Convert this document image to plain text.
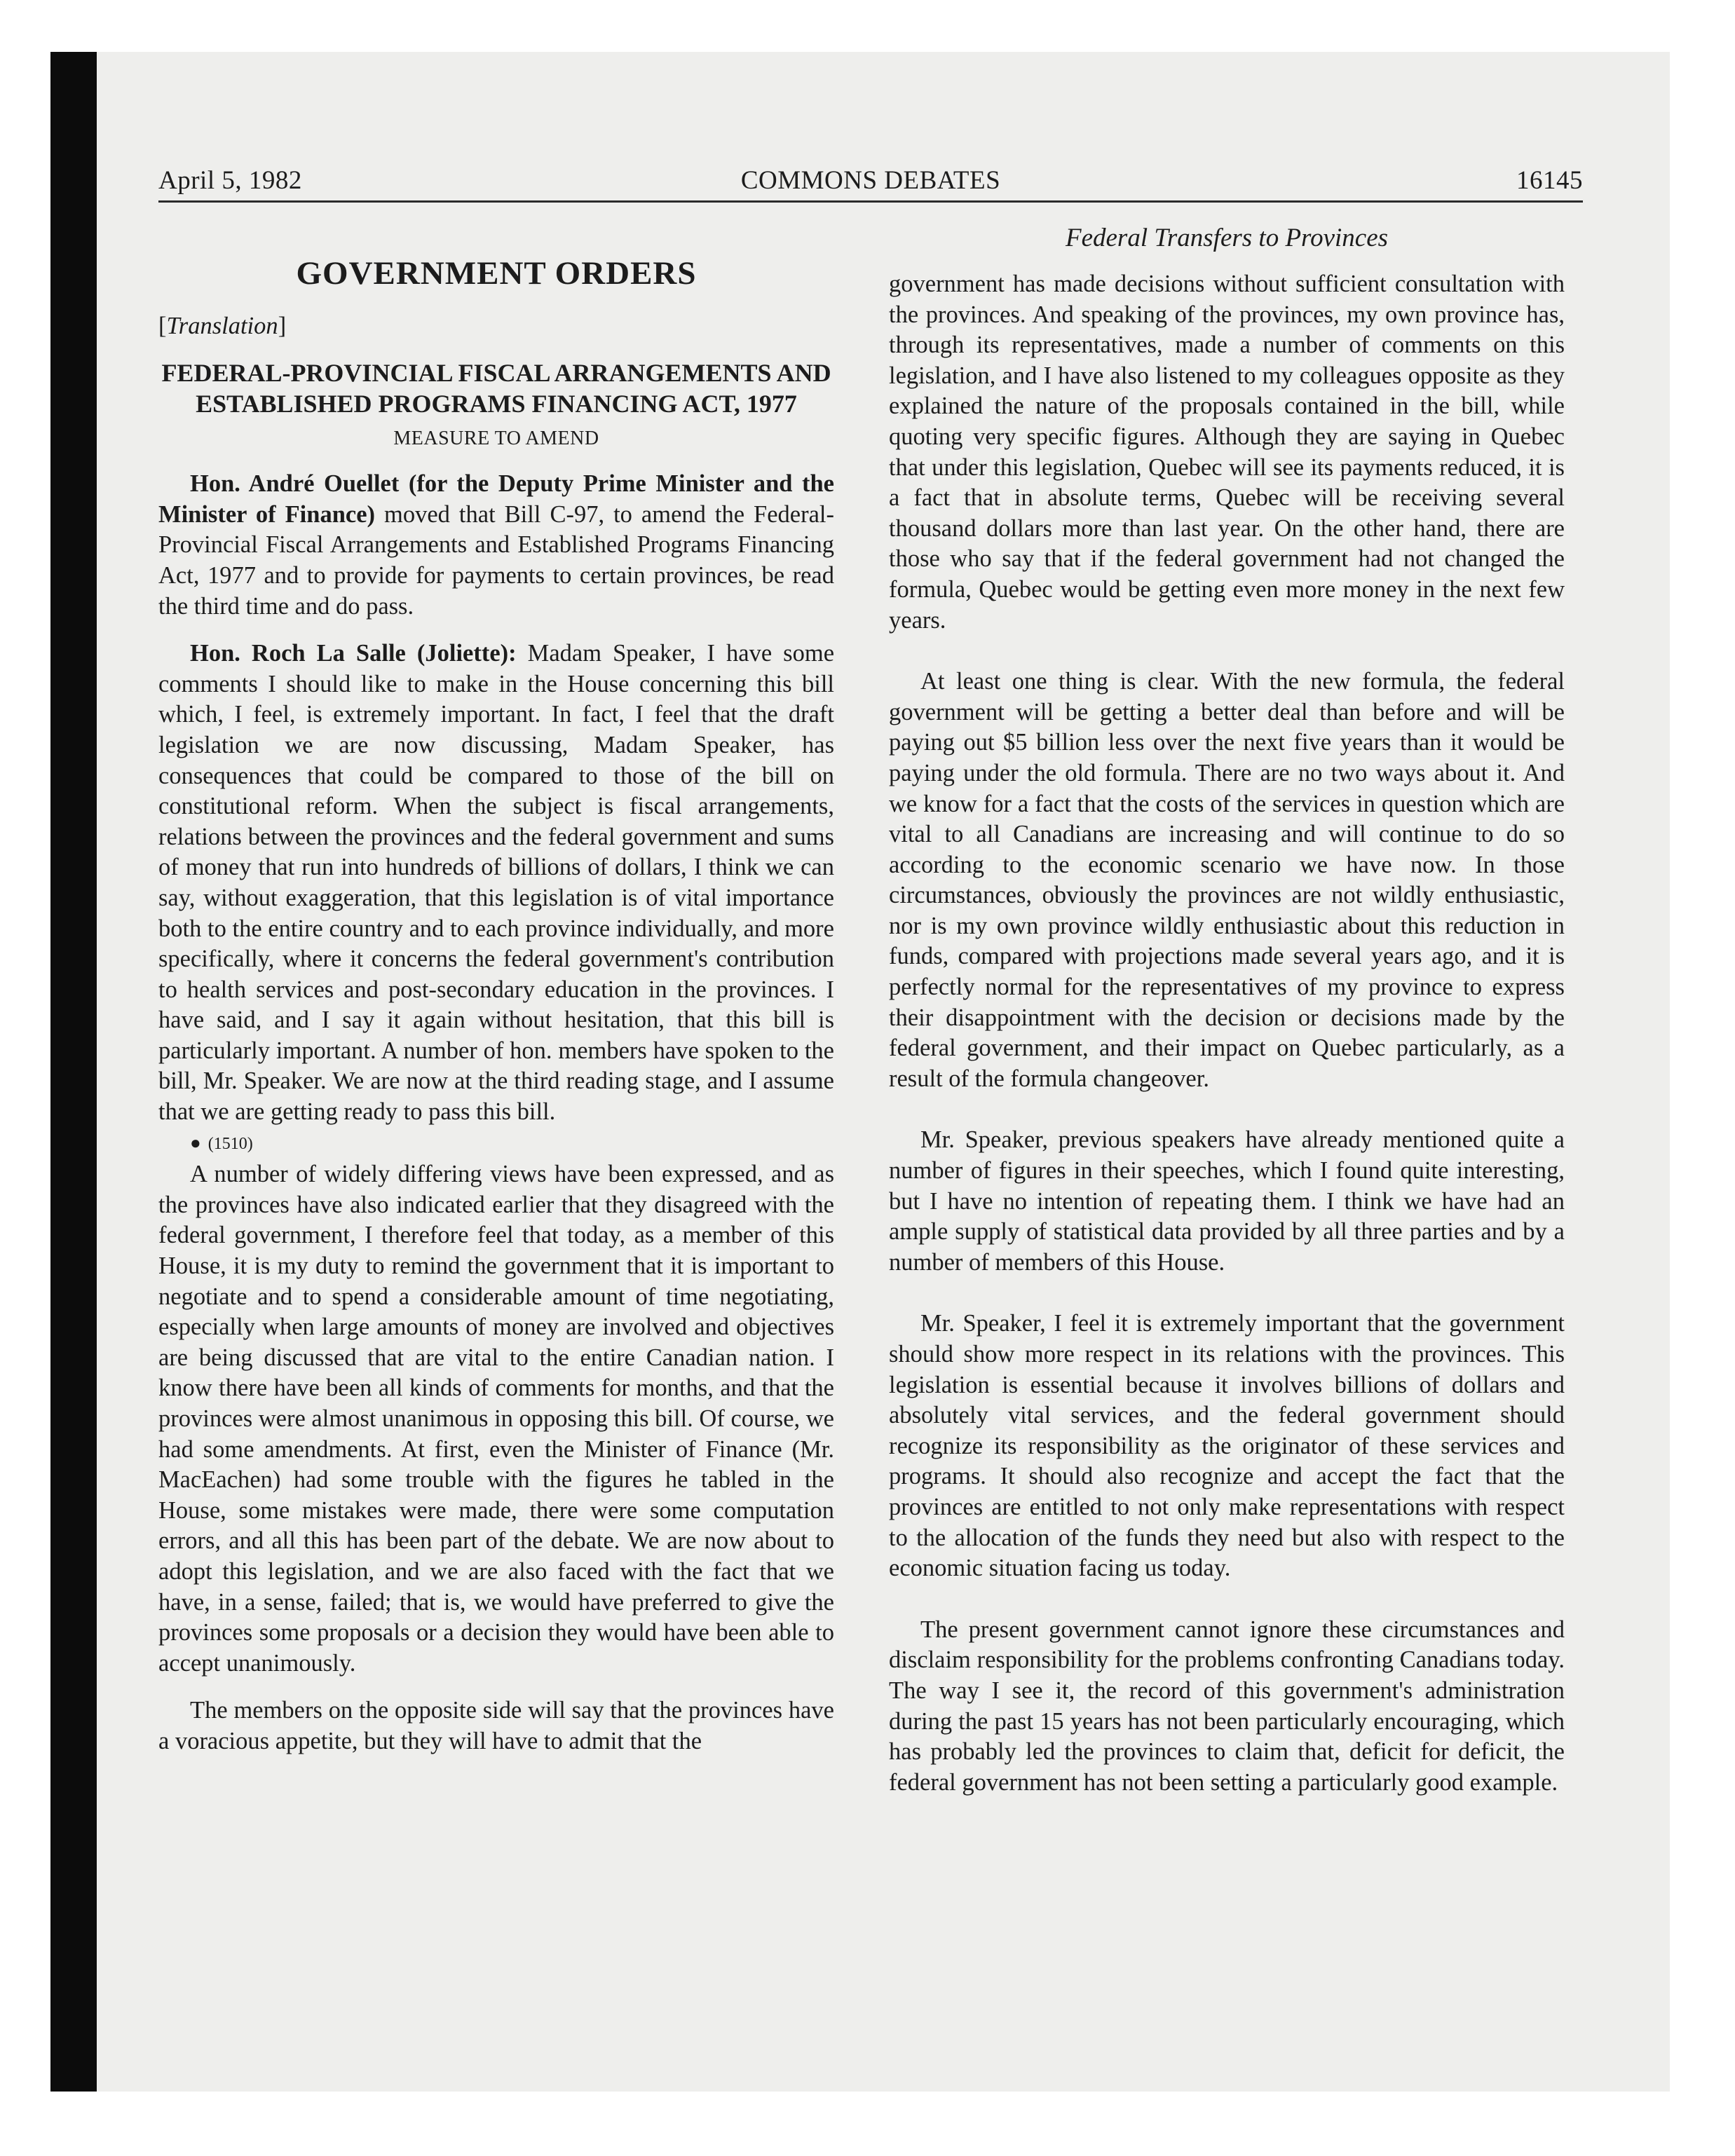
April 5, 1982	COMMONS DEBATES	16145
GOVERNMENT ORDERS
[Translation]
FEDERAL-PROVINCIAL FISCAL ARRANGEMENTS AND ESTABLISHED PROGRAMS FINANCING ACT, 1977
MEASURE TO AMEND

Hon. André Ouellet (for the Deputy Prime Minister and the Minister of Finance) moved that Bill C-97, to amend the Federal-Provincial Fiscal Arrangements and Established Programs Financing Act, 1977 and to provide for payments to certain provinces, be read the third time and do pass.

Hon. Roch La Salle (Joliette): Madam Speaker, I have some comments I should like to make in the House concerning this bill which, I feel, is extremely important. In fact, I feel that the draft legislation we are now discussing, Madam Speaker, has consequences that could be compared to those of the bill on constitutional reform. When the subject is fiscal arrangements, relations between the provinces and the federal government and sums of money that run into hundreds of billions of dollars, I think we can say, without exaggeration, that this legislation is of vital importance both to the entire country and to each province individually, and more specifically, where it concerns the federal government's contribution to health services and post-secondary education in the provinces. I have said, and I say it again without hesitation, that this bill is particularly important. A number of hon. members have spoken to the bill, Mr. Speaker. We are now at the third reading stage, and I assume that we are getting ready to pass this bill.

● (1510)

A number of widely differing views have been expressed, and as the provinces have also indicated earlier that they disagreed with the federal government, I therefore feel that today, as a member of this House, it is my duty to remind the government that it is important to negotiate and to spend a considerable amount of time negotiating, especially when large amounts of money are involved and objectives are being discussed that are vital to the entire Canadian nation. I know there have been all kinds of comments for months, and that the provinces were almost unanimous in opposing this bill. Of course, we had some amendments. At first, even the Minister of Finance (Mr. MacEachen) had some trouble with the figures he tabled in the House, some mistakes were made, there were some computation errors, and all this has been part of the debate. We are now about to adopt this legislation, and we are also faced with the fact that we have, in a sense, failed; that is, we would have preferred to give the provinces some proposals or a decision they would have been able to accept unanimously.

The members on the opposite side will say that the provinces have a voracious appetite, but they will have to admit that the

Federal Transfers to Provinces

government has made decisions without sufficient consultation with the provinces. And speaking of the provinces, my own province has, through its representatives, made a number of comments on this legislation, and I have also listened to my colleagues opposite as they explained the nature of the proposals contained in the bill, while quoting very specific figures. Although they are saying in Quebec that under this legislation, Quebec will see its payments reduced, it is a fact that in absolute terms, Quebec will be receiving several thousand dollars more than last year. On the other hand, there are those who say that if the federal government had not changed the formula, Quebec would be getting even more money in the next few years.

At least one thing is clear. With the new formula, the federal government will be getting a better deal than before and will be paying out $5 billion less over the next five years than it would be paying under the old formula. There are no two ways about it. And we know for a fact that the costs of the services in question which are vital to all Canadians are increasing and will continue to do so according to the economic scenario we have now. In those circumstances, obviously the provinces are not wildly enthusiastic, nor is my own province wildly enthusiastic about this reduction in funds, compared with projections made several years ago, and it is perfectly normal for the representatives of my province to express their disappointment with the decision or decisions made by the federal government, and their impact on Quebec particularly, as a result of the formula changeover.

Mr. Speaker, previous speakers have already mentioned quite a number of figures in their speeches, which I found quite interesting, but I have no intention of repeating them. I think we have had an ample supply of statistical data provided by all three parties and by a number of members of this House.

Mr. Speaker, I feel it is extremely important that the government should show more respect in its relations with the provinces. This legislation is essential because it involves billions of dollars and absolutely vital services, and the federal government should recognize its responsibility as the originator of these services and programs. It should also recognize and accept the fact that the provinces are entitled to not only make representations with respect to the allocation of the funds they need but also with respect to the economic situation facing us today.

The present government cannot ignore these circumstances and disclaim responsibility for the problems confronting Canadians today. The way I see it, the record of this government's administration during the past 15 years has not been particularly encouraging, which has probably led the provinces to claim that, deficit for deficit, the federal government has not been setting a particularly good example.
